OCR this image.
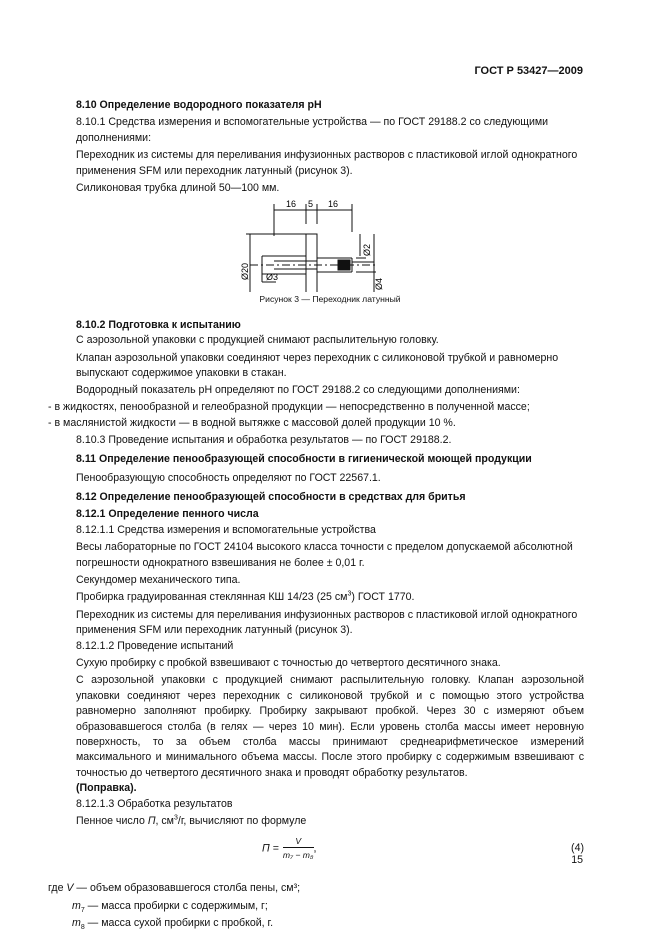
ГОСТ Р 53427—2009

8.10 Определение водородного показателя pH

8.10.1 Средства измерения и вспомогательные устройства — по ГОСТ 29188.2 со следующими дополнениями:

Переходник из системы для переливания инфузионных растворов с пластиковой иглой однократного применения SFM или переходник латунный (рисунок 3).

Силиконовая трубка длиной 50—100 мм.

16 5 16
Ø20 Ø3
Ø2
Ø4

Рисунок 3 — Переходник латунный

8.10.2 Подготовка к испытанию

С аэрозольной упаковки с продукцией снимают распылительную головку.

Клапан аэрозольной упаковки соединяют через переходник с силиконовой трубкой и равномерно выпускают содержимое упаковки в стакан.

Водородный показатель pH определяют по ГОСТ 29188.2 со следующими дополнениями:

- в жидкостях, пенообразной и гелеобразной продукции — непосредственно в полученной массе;

- в маслянистой жидкости — в водной вытяжке с массовой долей продукции 10 %.

8.10.3 Проведение испытания и обработка результатов — по ГОСТ 29188.2.

8.11 Определение пенообразующей способности в гигиенической моющей продукции

Пенообразующую способность определяют по ГОСТ 22567.1.

8.12 Определение пенообразующей способности в средствах для бритья

8.12.1 Определение пенного числа

8.12.1.1 Средства измерения и вспомогательные устройства

Весы лабораторные по ГОСТ 24104 высокого класса точности с пределом допускаемой абсолютной погрешности однократного взвешивания не более ± 0,01 г.

Секундомер механического типа.

Пробирка градуированная стеклянная КШ 14/23 (25 $см^3$) ГОСТ 1770.

Переходник из системы для переливания инфузионных растворов с пластиковой иглой однократного применения SFM или переходник латунный (рисунок 3).

8.12.1.2 Проведение испытаний

Сухую пробирку с пробкой взвешивают с точностью до четвертого десятичного знака.

С аэрозольной упаковки с продукцией снимают распылительную головку. Клапан аэрозольной упаковки соединяют через переходник с силиконовой трубкой и с помощью этого устройства равномерно заполняют пробирку. Пробирку закрывают пробкой. Через 30 с измеряют объем образовавшегося столба (в гелях — через 10 мин). Если уровень столба массы имеет неровную поверхность, то за объем столба массы принимают среднеарифметическое измерений максимального и минимального объема массы. После этого пробирку с содержимым взвешивают с точностью до четвертого десятичного знака и проводят обработку результатов.

(Поправка).

8.12.1.3 Обработка результатов

Пенное число П, $см^3/г$, вычисляют по формуле

$П = \frac{V}{\text{m₇ − m₈}}$ ,	(4)

где V — объем образовавшегося столба пены, см³;

$m_7$ — масса пробирки с содержимым, г;

$m_8$ — масса сухой пробирки с пробкой, г.

15
